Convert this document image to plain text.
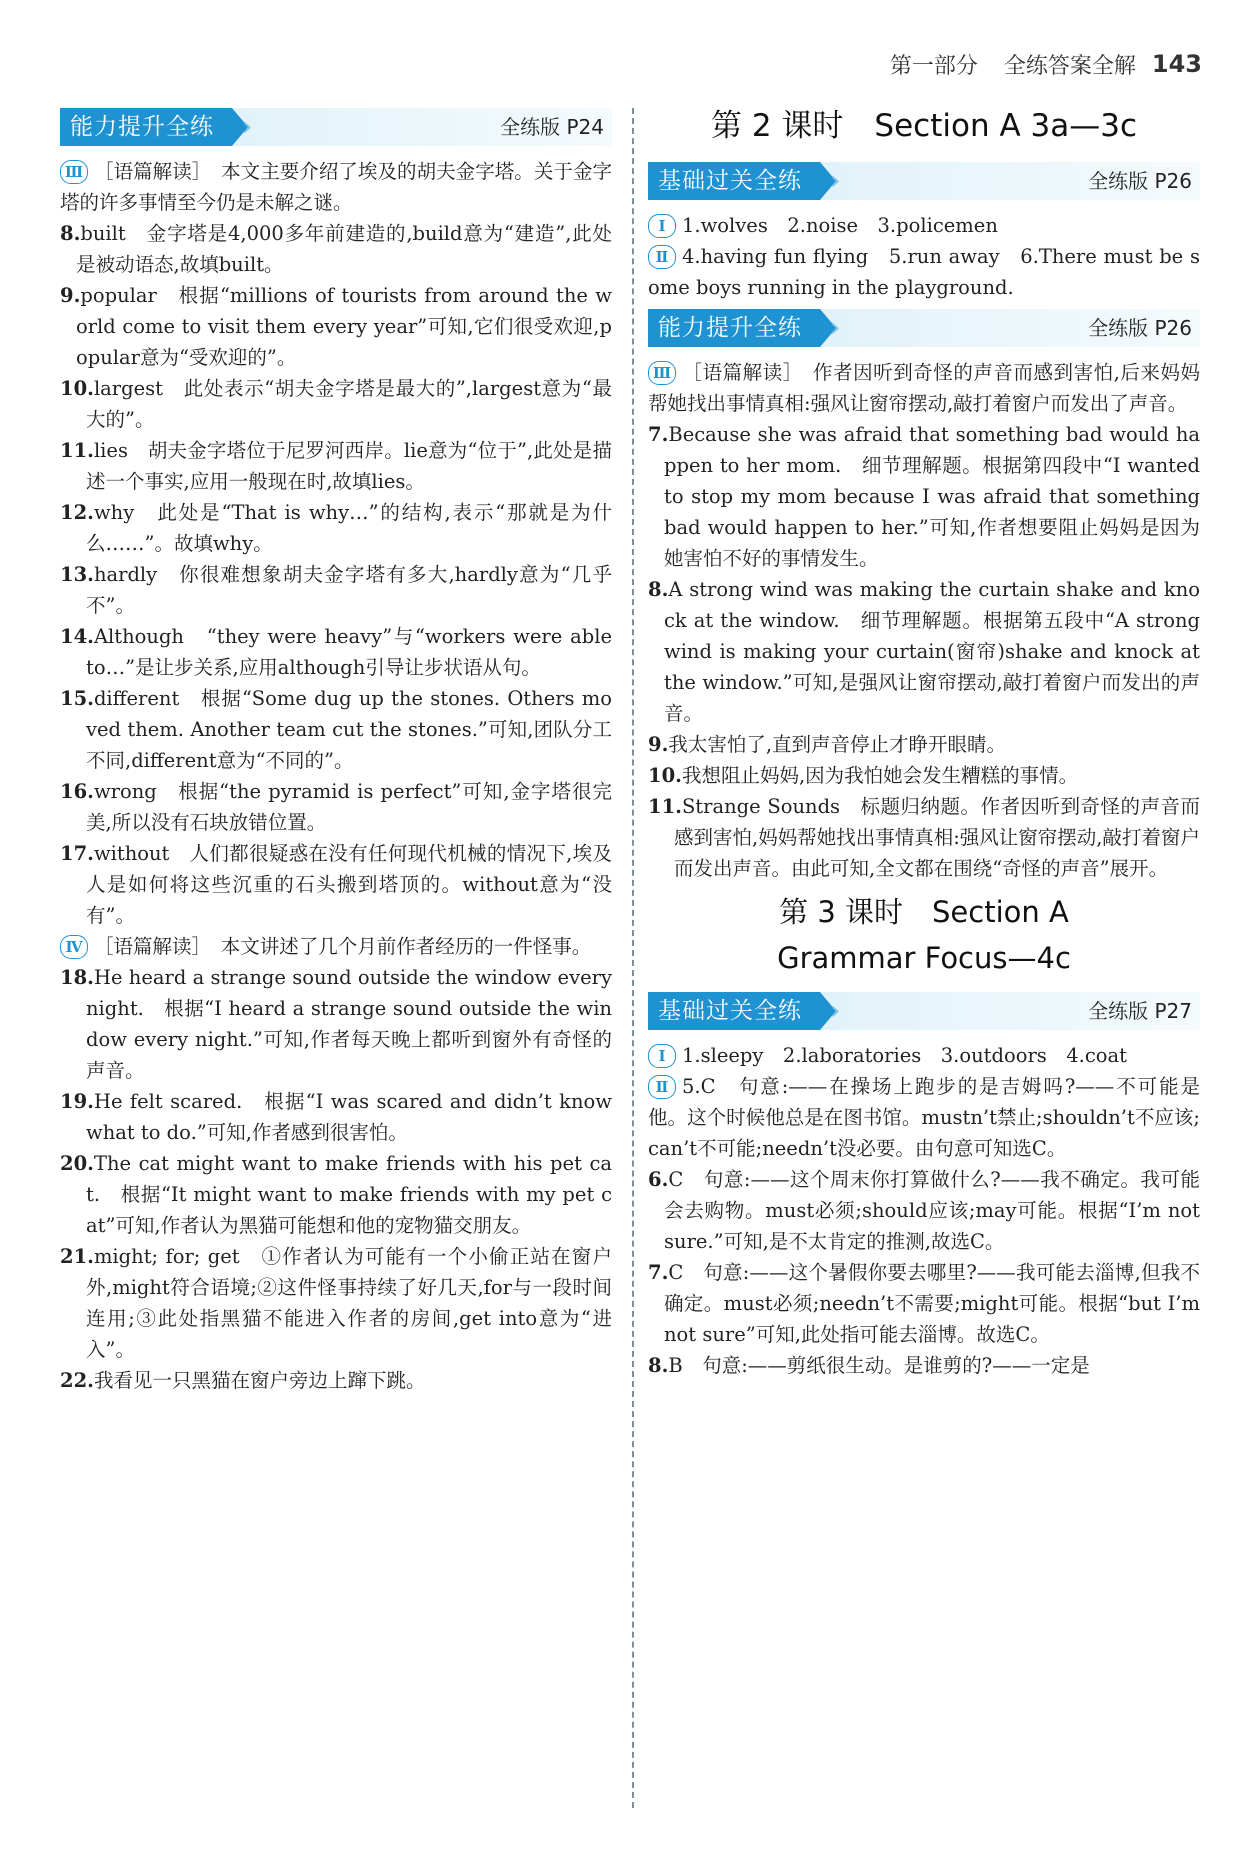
第一部分 全练答案全解 143
能力提升全练	›	全练版 P24

Ⅲ ［语篇解读］　本文主要介绍了埃及的胡夫金字塔。关于金字塔的许多事情至今仍是未解之谜。

8.built　金字塔是4,000多年前建造的,build意为“建造”,此处是被动语态,故填built。

9.popular　根据“millions of tourists from around the world come to visit them every year”可知,它们很受欢迎,popular意为“受欢迎的”。

10.largest　此处表示“胡夫金字塔是最大的”,largest意为“最大的”。

11.lies　胡夫金字塔位于尼罗河西岸。lie意为“位于”,此处是描述一个事实,应用一般现在时,故填lies。

12.why　此处是“That is why…”的结构,表示“那就是为什么……”。故填why。

13.hardly　你很难想象胡夫金字塔有多大,hardly意为“几乎不”。

14.Although　“they were heavy”与“workers were able to…”是让步关系,应用although引导让步状语从句。

15.different　根据“Some dug up the stones. Others moved them. Another team cut the stones.”可知,团队分工不同,different意为“不同的”。

16.wrong　根据“the pyramid is perfect”可知,金字塔很完美,所以没有石块放错位置。

17.without　人们都很疑惑在没有任何现代机械的情况下,埃及人是如何将这些沉重的石头搬到塔顶的。without意为“没有”。

Ⅳ ［语篇解读］　本文讲述了几个月前作者经历的一件怪事。

18.He heard a strange sound outside the window every night.　根据“I heard a strange sound outside the window every night.”可知,作者每天晚上都听到窗外有奇怪的声音。

19.He felt scared.　根据“I was scared and didn’t know what to do.”可知,作者感到很害怕。

20.The cat might want to make friends with his pet cat.　根据“It might want to make friends with my pet cat”可知,作者认为黑猫可能想和他的宠物猫交朋友。

21.might; for; get　①作者认为可能有一个小偷正站在窗户外,might符合语境;②这件怪事持续了好几天,for与一段时间连用;③此处指黑猫不能进入作者的房间,get into意为“进入”。

22.我看见一只黑猫在窗户旁边上蹿下跳。

第 2 课时　Section A 3a—3c
基础过关全练	›	全练版 P26

Ⅰ 1.wolves　2.noise　3.policemen

Ⅱ 4.having fun flying　5.run away　6.There must be some boys running in the playground.

能力提升全练	›	全练版 P26

Ⅲ ［语篇解读］　作者因听到奇怪的声音而感到害怕,后来妈妈帮她找出事情真相:强风让窗帘摆动,敲打着窗户而发出了声音。

7.Because she was afraid that something bad would happen to her mom.　细节理解题。根据第四段中“I wanted to stop my mom because I was afraid that something bad would happen to her.”可知,作者想要阻止妈妈是因为她害怕不好的事情发生。

8.A strong wind was making the curtain shake and knock at the window.　细节理解题。根据第五段中“A strong wind is making your curtain(窗帘)shake and knock at the window.”可知,是强风让窗帘摆动,敲打着窗户而发出的声音。

9.我太害怕了,直到声音停止才睁开眼睛。

10.我想阻止妈妈,因为我怕她会发生糟糕的事情。

11.Strange Sounds　标题归纳题。作者因听到奇怪的声音而感到害怕,妈妈帮她找出事情真相:强风让窗帘摆动,敲打着窗户而发出声音。由此可知,全文都在围绕“奇怪的声音”展开。

第 3 课时　Section A
Grammar Focus—4c
基础过关全练	›	全练版 P27

Ⅰ 1.sleepy　2.laboratories　3.outdoors　4.coat

Ⅱ 5.C　句意:——在操场上跑步的是吉姆吗?——不可能是他。这个时候他总是在图书馆。mustn’t禁止;shouldn’t不应该;can’t不可能;needn’t没必要。由句意可知选C。

6.C　句意:——这个周末你打算做什么?——我不确定。我可能会去购物。must必须;should应该;may可能。根据“I’m not sure.”可知,是不太肯定的推测,故选C。

7.C　句意:——这个暑假你要去哪里?——我可能去淄博,但我不确定。must必须;needn’t不需要;might可能。根据“but I’m not sure”可知,此处指可能去淄博。故选C。

8.B　句意:——剪纸很生动。是谁剪的?——一定是
